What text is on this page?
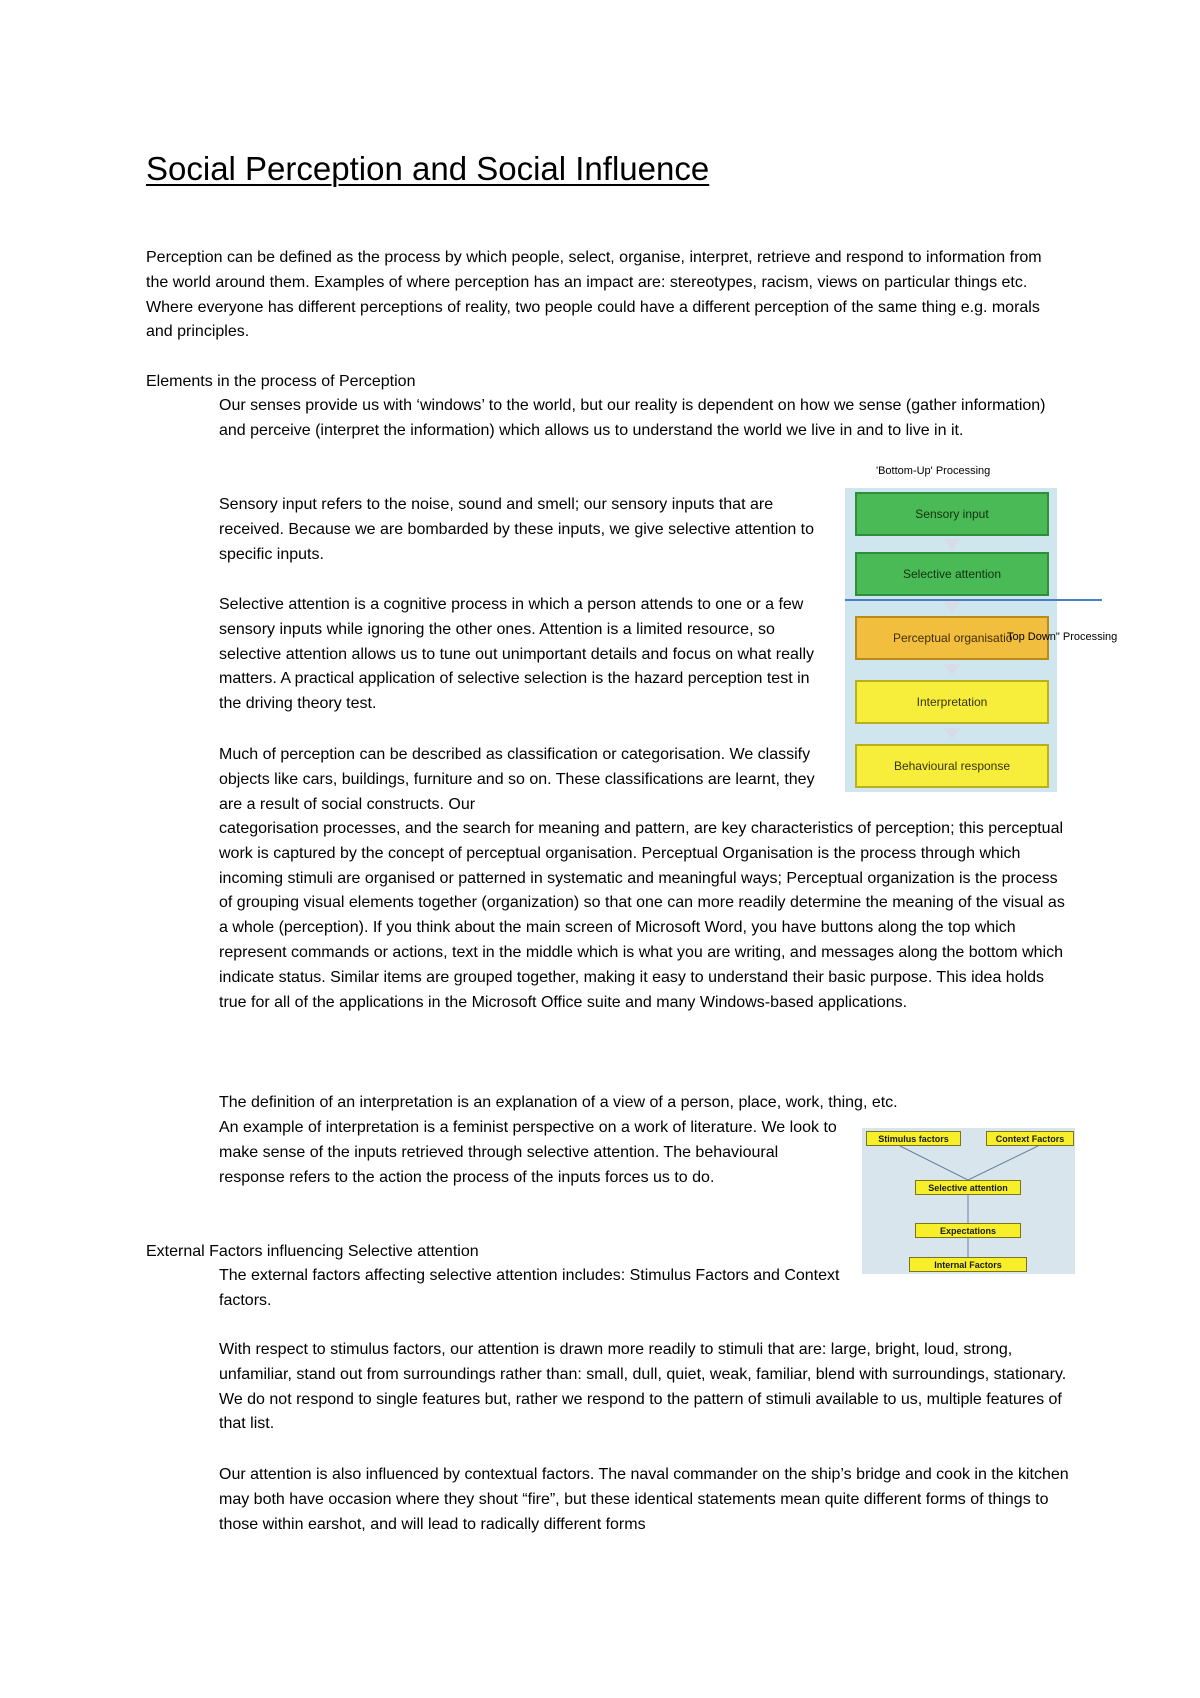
Social Perception and Social Influence

Perception can be defined as the process by which people, select, organise, interpret, retrieve and respond to information from the world around them. Examples of where perception has an impact are: stereotypes, racism, views on particular things etc. Where everyone has different perceptions of reality, two people could have a different perception of the same thing e.g. morals and principles.

Elements in the process of Perception

Our senses provide us with ‘windows’ to the world, but our reality is dependent on how we sense (gather information) and perceive (interpret the information) which allows us to understand the world we live in and to live in it.

Sensory input refers to the noise, sound and smell; our sensory inputs that are received. Because we are bombarded by these inputs, we give selective attention to specific inputs.

Selective attention is a cognitive process in which a person attends to one or a few sensory inputs while ignoring the other ones. Attention is a limited resource, so selective attention allows us to tune out unimportant details and focus on what really matters. A practical application of selective selection is the hazard perception test in the driving theory test.

Much of perception can be described as classification or categorisation. We classify objects like cars, buildings, furniture and so on. These classifications are learnt, they are a result of social constructs. Our

categorisation processes, and the search for meaning and pattern, are key characteristics of perception; this perceptual work is captured by the concept of perceptual organisation. Perceptual Organisation is the process through which incoming stimuli are organised or patterned in systematic and meaningful ways; Perceptual organization is the process of grouping visual elements together (organization) so that one can more readily determine the meaning of the visual as a whole (perception). If you think about the main screen of Microsoft Word, you have buttons along the top which represent commands or actions, text in the middle which is what you are writing, and messages along the bottom which indicate status. Similar items are grouped together, making it easy to understand their basic purpose. This idea holds true for all of the applications in the Microsoft Office suite and many Windows-based applications.

The definition of an interpretation is an explanation of a view of a person, place, work, thing, etc.

An example of interpretation is a feminist perspective on a work of literature. We look to make sense of the inputs retrieved through selective attention. The behavioural response refers to the action the process of the inputs forces us to do.

External Factors influencing Selective attention

The external factors affecting selective attention includes: Stimulus Factors and Context factors.

With respect to stimulus factors, our attention is drawn more readily to stimuli that are: large, bright, loud, strong, unfamiliar, stand out from surroundings rather than: small, dull, quiet, weak, familiar, blend with surroundings, stationary. We do not respond to single features but, rather we respond to the pattern of stimuli available to us, multiple features of that list.

Our attention is also influenced by contextual factors. The naval commander on the ship’s bridge and cook in the kitchen may both have occasion where they shout “fire”, but these identical statements mean quite different forms of things to those within earshot, and will lead to radically different forms

'Bottom-Up' Processing
Sensory input
Selective attention
Perceptual organisatio
Interpretation
Behavioural response
Top Down" Processing
Stimulus factors	Context Factors
Selective attention
Expectations
Internal Factors
